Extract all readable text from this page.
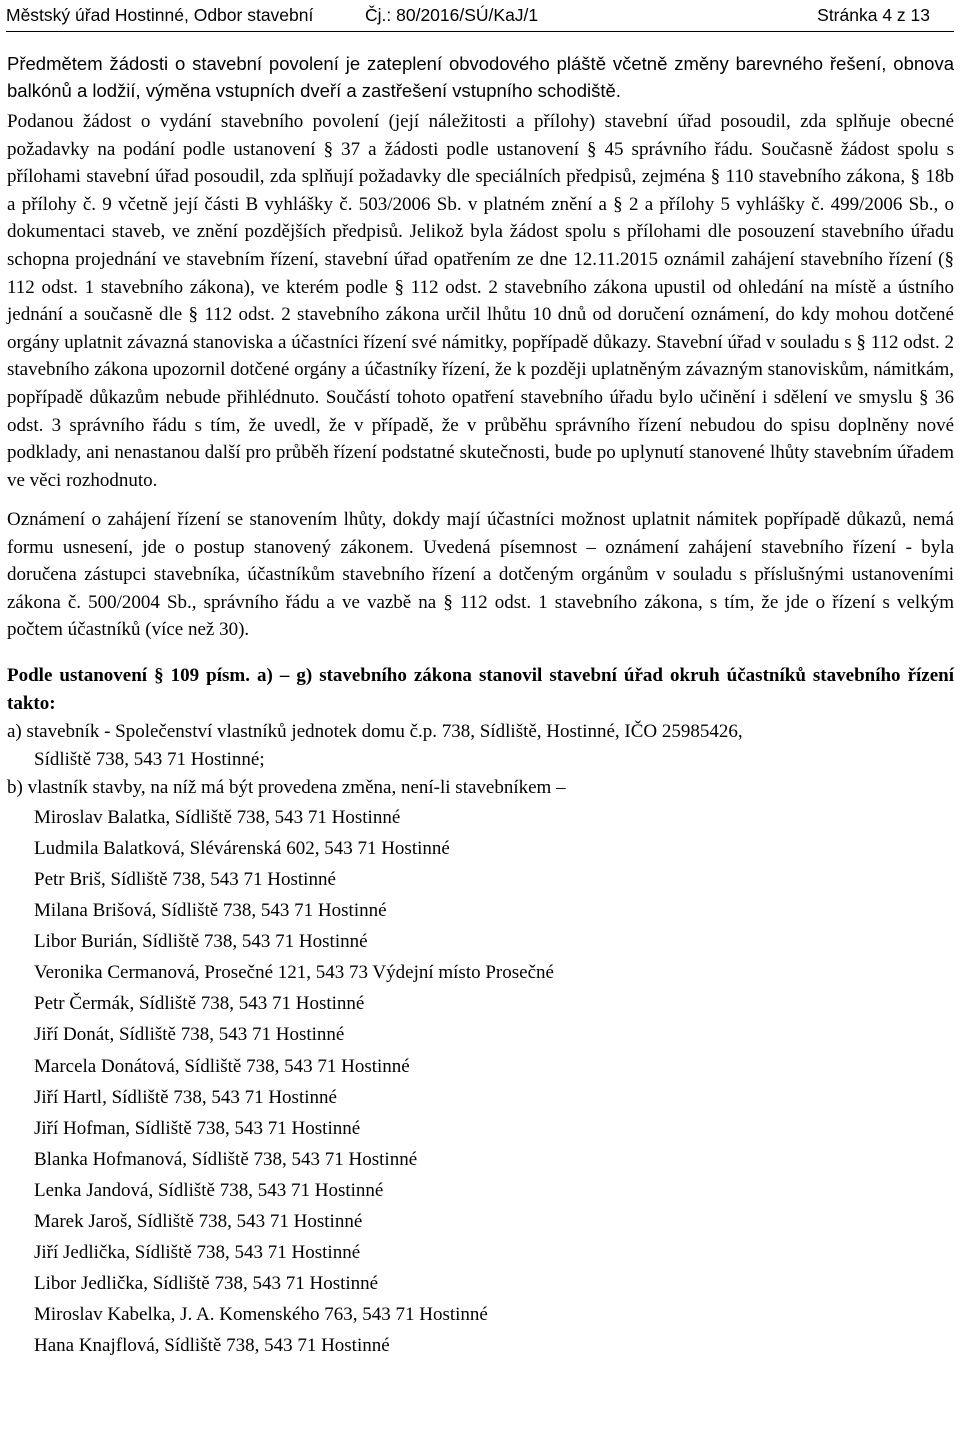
Městský úřad Hostinné, Odbor stavební	Čj.: 80/2016/SÚ/KaJ/1	Stránka 4 z 13

Předmětem žádosti o stavební povolení je zateplení obvodového pláště včetně změny barevného řešení, obnova balkónů a lodžií, výměna vstupních dveří a zastřešení vstupního schodiště.

Podanou žádost o vydání stavebního povolení (její náležitosti a přílohy) stavební úřad posoudil, zda splňuje obecné požadavky na podání podle ustanovení § 37 a žádosti podle ustanovení § 45 správního řádu. Současně žádost spolu s přílohami stavební úřad posoudil, zda splňují požadavky dle speciálních předpisů, zejména § 110 stavebního zákona, § 18b a přílohy č. 9 včetně její části B vyhlášky č. 503/2006 Sb. v platném znění a § 2 a přílohy 5 vyhlášky č. 499/2006 Sb., o dokumentaci staveb, ve znění pozdějších předpisů. Jelikož byla žádost spolu s přílohami dle posouzení stavebního úřadu schopna projednání ve stavebním řízení, stavební úřad opatřením ze dne 12.11.2015 oznámil zahájení stavebního řízení (§ 112 odst. 1 stavebního zákona), ve kterém podle § 112 odst. 2 stavebního zákona upustil od ohledání na místě a ústního jednání a současně dle § 112 odst. 2 stavebního zákona určil lhůtu 10 dnů od doručení oznámení, do kdy mohou dotčené orgány uplatnit závazná stanoviska a účastníci řízení své námitky, popřípadě důkazy. Stavební úřad v souladu s § 112 odst. 2 stavebního zákona upozornil dotčené orgány a účastníky řízení, že k později uplatněným závazným stanoviskům, námitkám, popřípadě důkazům nebude přihlédnuto. Součástí tohoto opatření stavebního úřadu bylo učinění i sdělení ve smyslu § 36 odst. 3 správního řádu s tím, že uvedl, že v případě, že v průběhu správního řízení nebudou do spisu doplněny nové podklady, ani nenastanou další pro průběh řízení podstatné skutečnosti, bude po uplynutí stanovené lhůty stavebním úřadem ve věci rozhodnuto.

Oznámení o zahájení řízení se stanovením lhůty, dokdy mají účastníci možnost uplatnit námitek popřípadě důkazů, nemá formu usnesení, jde o postup stanovený zákonem. Uvedená písemnost – oznámení zahájení stavebního řízení - byla doručena zástupci stavebníka, účastníkům stavebního řízení a dotčeným orgánům v souladu s příslušnými ustanoveními zákona č. 500/2004 Sb., správního řádu a ve vazbě na § 112 odst. 1 stavebního zákona, s tím, že jde o řízení s velkým počtem účastníků (více než 30).

Podle ustanovení § 109 písm. a) – g) stavebního zákona stanovil stavební úřad okruh účastníků stavebního řízení takto:

a) stavebník - Společenství vlastníků jednotek domu č.p. 738, Sídliště, Hostinné, IČO 25985426,
Sídliště 738, 543 71 Hostinné;
b) vlastník stavby, na níž má být provedena změna, není-li stavebníkem –
Miroslav Balatka, Sídliště 738, 543 71 Hostinné
Ludmila Balatková, Slévárenská 602, 543 71 Hostinné
Petr Briš, Sídliště 738, 543 71 Hostinné
Milana Brišová, Sídliště 738, 543 71 Hostinné
Libor Burián, Sídliště 738, 543 71 Hostinné
Veronika Cermanová, Prosečné 121, 543 73 Výdejní místo Prosečné
Petr Čermák, Sídliště 738, 543 71 Hostinné
Jiří Donát, Sídliště 738, 543 71 Hostinné
Marcela Donátová, Sídliště 738, 543 71 Hostinné
Jiří Hartl, Sídliště 738, 543 71 Hostinné
Jiří Hofman, Sídliště 738, 543 71 Hostinné
Blanka Hofmanová, Sídliště 738, 543 71 Hostinné
Lenka Jandová, Sídliště 738, 543 71 Hostinné
Marek Jaroš, Sídliště 738, 543 71 Hostinné
Jiří Jedlička, Sídliště 738, 543 71 Hostinné
Libor Jedlička, Sídliště 738, 543 71 Hostinné
Miroslav Kabelka, J. A. Komenského 763, 543 71 Hostinné
Hana Knajflová, Sídliště 738, 543 71 Hostinné
